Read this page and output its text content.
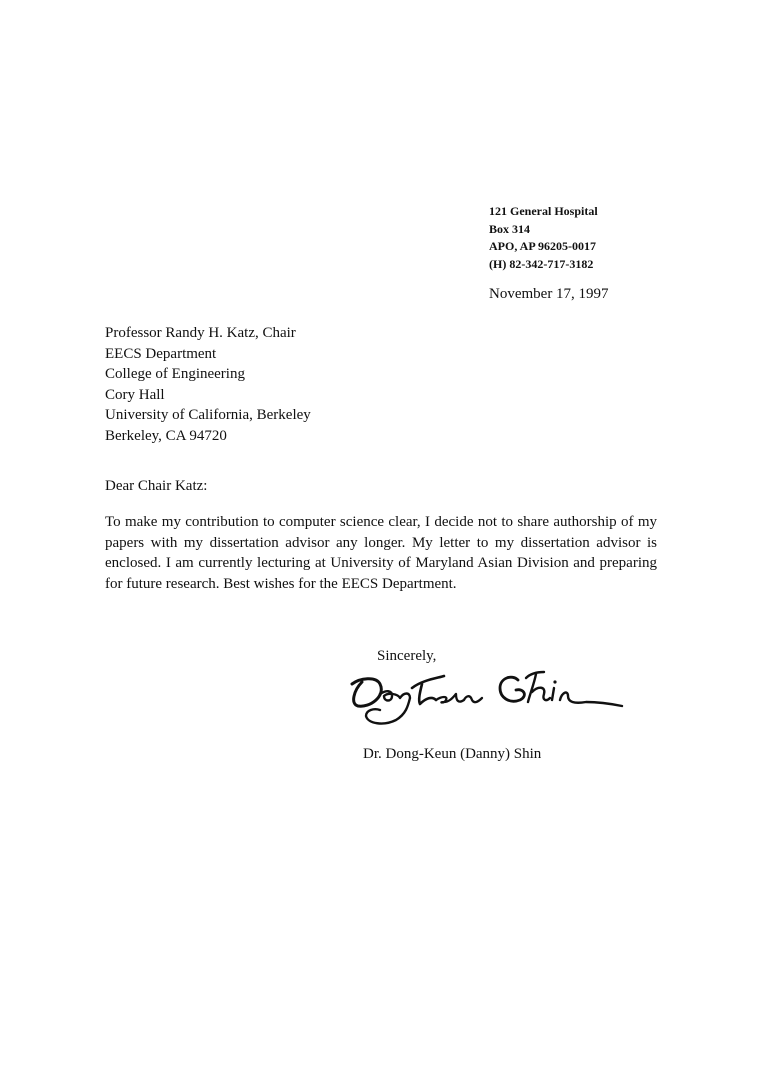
121 General Hospital
Box 314
APO, AP 96205-0017
(H) 82-342-717-3182
November 17, 1997
Professor Randy H. Katz, Chair
EECS Department
College of Engineering
Cory Hall
University of California, Berkeley
Berkeley, CA 94720
Dear Chair Katz:
To make my contribution to computer science clear, I decide not to share authorship of my papers with my dissertation advisor any longer. My letter to my dissertation advisor is enclosed. I am currently lecturing at University of Maryland Asian Division and preparing for future research. Best wishes for the EECS Department.
Sincerely,
Dr. Dong-Keun (Danny) Shin
